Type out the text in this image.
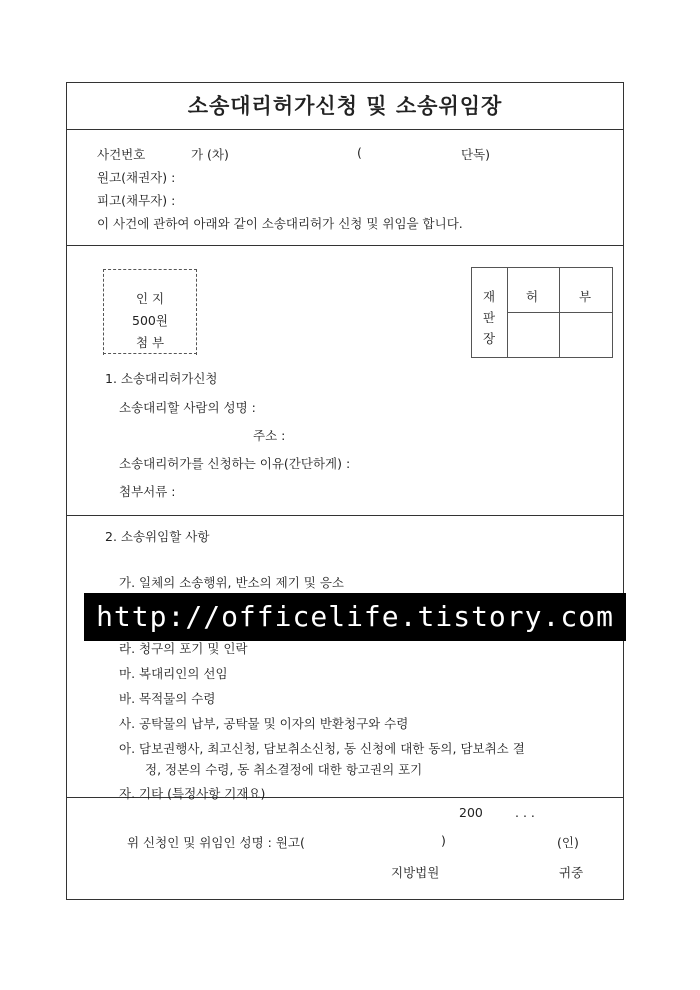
소송대리허가신청 및 소송위임장
사건번호	가 (차)	(	단독)
원고(채권자) :
피고(채무자) :
이 사건에 관하여 아래와 같이 소송대리허가 신청 및 위임을 합니다.
인 지
500원
첨 부
재
판
장
허	부
1. 소송대리허가신청
소송대리할 사람의 성명 :
주소 :
소송대리허가를 신청하는 이유(간단하게) :
첨부서류 :
2. 소송위임할 사항
가. 일체의 소송행위, 반소의 제기 및 응소
라. 청구의 포기 및 인락
마. 복대리인의 선임
바. 목적물의 수령
사. 공탁물의 납부, 공탁물 및 이자의 반환청구와 수령
아. 담보권행사, 최고신청, 담보취소신청, 동 신청에 대한 동의, 담보취소 결
정, 정본의 수령, 동 취소결정에 대한 항고권의 포기
자. 기타 (특정사항 기재요)
200	. . .
위 신청인 및 위임인 성명 : 원고(	)	(인)
지방법원	귀중
http://officelife.tistory.com
